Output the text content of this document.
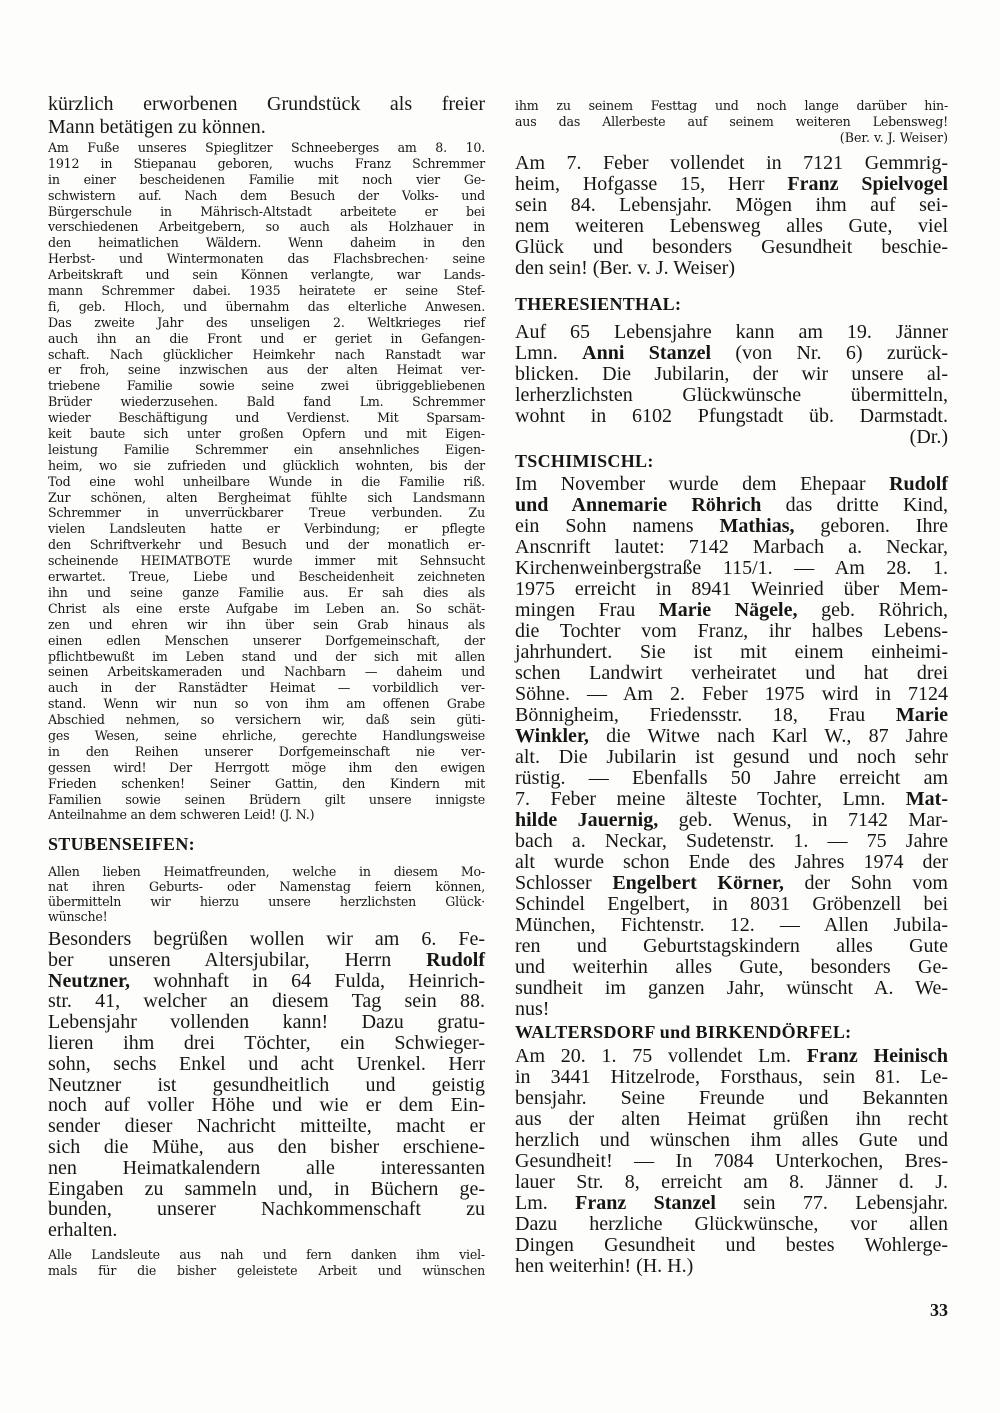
kürzlich erworbenen Grundstück als freier
Mann betätigen zu können.
Am Fuße unseres Spieglitzer Schneeberges am 8. 10.
1912 in Stiepanau geboren, wuchs Franz Schremmer
in einer bescheidenen Familie mit noch vier Ge-
schwistern auf. Nach dem Besuch der Volks- und
Bürgerschule in Mährisch-Altstadt arbeitete er bei
verschiedenen Arbeitgebern, so auch als Holzhauer in
den heimatlichen Wäldern. Wenn daheim in den
Herbst- und Wintermonaten das Flachsbrechen· seine
Arbeitskraft und sein Können verlangte, war Lands-
mann Schremmer dabei. 1935 heiratete er seine Stef-
fi, geb. Hloch, und übernahm das elterliche Anwesen.
Das zweite Jahr des unseligen 2. Weltkrieges rief
auch ihn an die Front und er geriet in Gefangen-
schaft. Nach glücklicher Heimkehr nach Ranstadt war
er froh, seine inzwischen aus der alten Heimat ver-
triebene Familie sowie seine zwei übriggebliebenen
Brüder wiederzusehen. Bald fand Lm. Schremmer
wieder Beschäftigung und Verdienst. Mit Sparsam-
keit baute sich unter großen Opfern und mit Eigen-
leistung Familie Schremmer ein ansehnliches Eigen-
heim, wo sie zufrieden und glücklich wohnten, bis der
Tod eine wohl unheilbare Wunde in die Familie riß.
Zur schönen, alten Bergheimat fühlte sich Landsmann
Schremmer in unverrückbarer Treue verbunden. Zu
vielen Landsleuten hatte er Verbindung; er pflegte
den Schriftverkehr und Besuch und der monatlich er-
scheinende HEIMATBOTE wurde immer mit Sehnsucht
erwartet. Treue, Liebe und Bescheidenheit zeichneten
ihn und seine ganze Familie aus. Er sah dies als
Christ als eine erste Aufgabe im Leben an. So schät-
zen und ehren wir ihn über sein Grab hinaus als
einen edlen Menschen unserer Dorfgemeinschaft, der
pflichtbewußt im Leben stand und der sich mit allen
seinen Arbeitskameraden und Nachbarn — daheim und
auch in der Ranstädter Heimat — vorbildlich ver-
stand. Wenn wir nun so von ihm am offenen Grabe
Abschied nehmen, so versichern wir, daß sein güti-
ges Wesen, seine ehrliche, gerechte Handlungsweise
in den Reihen unserer Dorfgemeinschaft nie ver-
gessen wird! Der Herrgott möge ihm den ewigen
Frieden schenken! Seiner Gattin, den Kindern mit
Familien sowie seinen Brüdern gilt unsere innigste
Anteilnahme an dem schweren Leid! (J. N.)
STUBENSEIFEN:
Allen lieben Heimatfreunden, welche in diesem Mo-
nat ihren Geburts- oder Namenstag feiern können,
übermitteln wir hierzu unsere herzlichsten Glück·
wünsche!
Besonders begrüßen wollen wir am 6. Fe-
ber unseren Altersjubilar, Herrn Rudolf
Neutzner, wohnhaft in 64 Fulda, Heinrich-
str. 41, welcher an diesem Tag sein 88.
Lebensjahr vollenden kann! Dazu gratu-
lieren ihm drei Töchter, ein Schwieger-
sohn, sechs Enkel und acht Urenkel. Herr
Neutzner ist gesundheitlich und geistig
noch auf voller Höhe und wie er dem Ein-
sender dieser Nachricht mitteilte, macht er
sich die Mühe, aus den bisher erschiene-
nen Heimatkalendern alle interessanten
Eingaben zu sammeln und, in Büchern ge-
bunden, unserer Nachkommenschaft zu
erhalten.
Alle Landsleute aus nah und fern danken ihm viel-
mals für die bisher geleistete Arbeit und wünschen
ihm zu seinem Festtag und noch lange darüber hin-
aus das Allerbeste auf seinem weiteren Lebensweg!
(Ber. v. J. Weiser)
Am 7. Feber vollendet in 7121 Gemmrig-
heim, Hofgasse 15, Herr Franz Spielvogel
sein 84. Lebensjahr. Mögen ihm auf sei-
nem weiteren Lebensweg alles Gute, viel
Glück und besonders Gesundheit beschie-
den sein! (Ber. v. J. Weiser)
THERESIENTHAL:
Auf 65 Lebensjahre kann am 19. Jänner
Lmn. Anni Stanzel (von Nr. 6) zurück-
blicken. Die Jubilarin, der wir unsere al-
lerherzlichsten Glückwünsche übermitteln,
wohnt in 6102 Pfungstadt üb. Darmstadt.
(Dr.)
TSCHIMISCHL:
Im November wurde dem Ehepaar Rudolf
und Annemarie Röhrich das dritte Kind,
ein Sohn namens Mathias, geboren. Ihre
Anscnrift lautet: 7142 Marbach a. Neckar,
Kirchenweinbergstraße 115/1. — Am 28. 1.
1975 erreicht in 8941 Weinried über Mem-
mingen Frau Marie Nägele, geb. Röhrich,
die Tochter vom Franz, ihr halbes Lebens-
jahrhundert. Sie ist mit einem einheimi-
schen Landwirt verheiratet und hat drei
Söhne. — Am 2. Feber 1975 wird in 7124
Bönnigheim, Friedensstr. 18, Frau Marie
Winkler, die Witwe nach Karl W., 87 Jahre
alt. Die Jubilarin ist gesund und noch sehr
rüstig. — Ebenfalls 50 Jahre erreicht am
7. Feber meine älteste Tochter, Lmn. Mat-
hilde Jauernig, geb. Wenus, in 7142 Mar-
bach a. Neckar, Sudetenstr. 1. — 75 Jahre
alt wurde schon Ende des Jahres 1974 der
Schlosser Engelbert Körner, der Sohn vom
Schindel Engelbert, in 8031 Gröbenzell bei
München, Fichtenstr. 12. — Allen Jubila-
ren und Geburtstagskindern alles Gute
und weiterhin alles Gute, besonders Ge-
sundheit im ganzen Jahr, wünscht A. We-
nus!
WALTERSDORF und BIRKENDÖRFEL:
Am 20. 1. 75 vollendet Lm. Franz Heinisch
in 3441 Hitzelrode, Forsthaus, sein 81. Le-
bensjahr. Seine Freunde und Bekannten
aus der alten Heimat grüßen ihn recht
herzlich und wünschen ihm alles Gute und
Gesundheit! — In 7084 Unterkochen, Bres-
lauer Str. 8, erreicht am 8. Jänner d. J.
Lm. Franz Stanzel sein 77. Lebensjahr.
Dazu herzliche Glückwünsche, vor allen
Dingen Gesundheit und bestes Wohlerge-
hen weiterhin! (H. H.)
33
